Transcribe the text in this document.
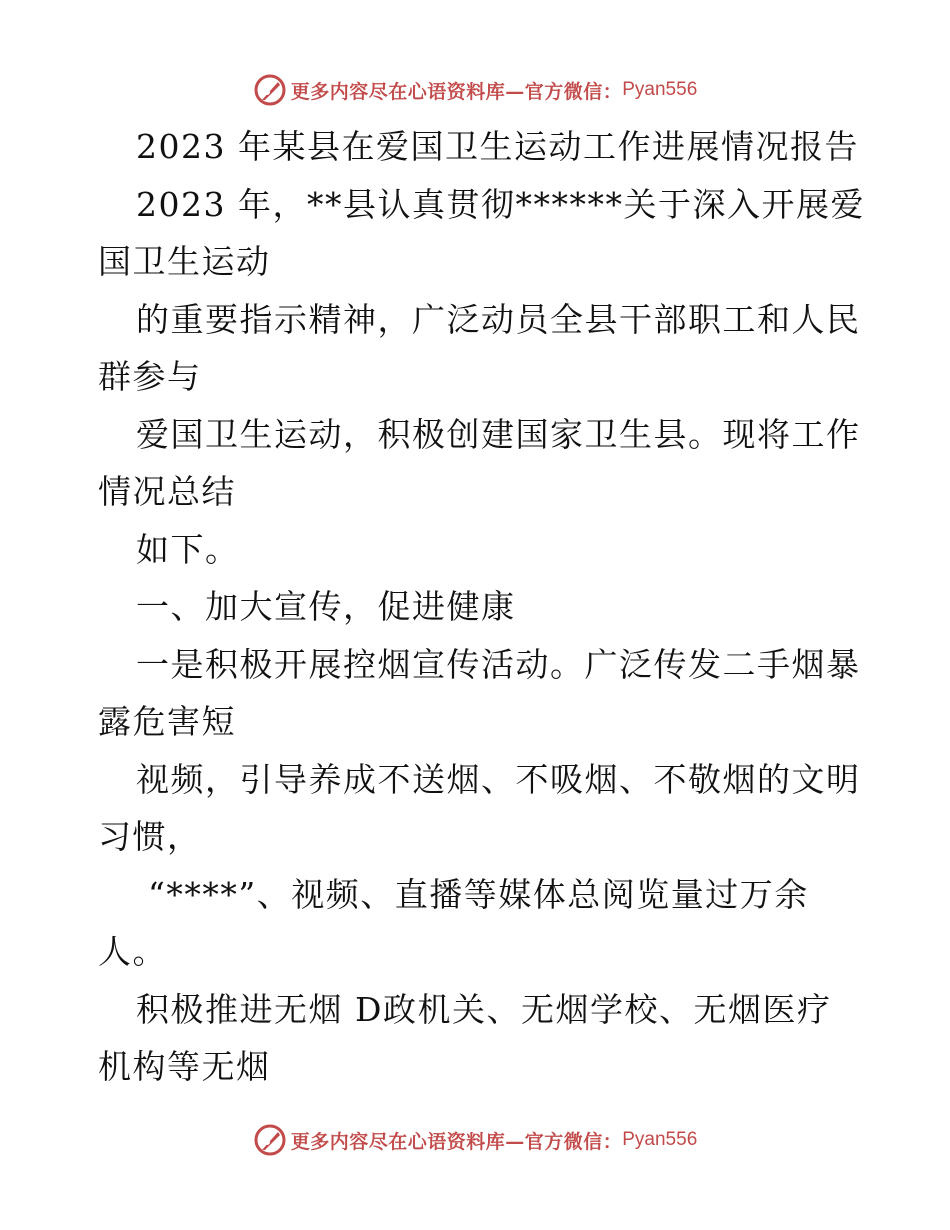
更多内容尽在心语资料库—官方微信： Pyan556
2023 年某县在爱国卫生运动工作进展情况报告
2023 年，**县认真贯彻******关于深入开展爱
国卫生运动
的重要指示精神，广泛动员全县干部职工和人民
群参与
爱国卫生运动，积极创建国家卫生县。现将工作
情况总结
如下。
一、加大宣传，促进健康
一是积极开展控烟宣传活动。广泛传发二手烟暴
露危害短
视频，引导养成不送烟、不吸烟、不敬烟的文明
习惯，
“****”、视频、直播等媒体总阅览量过万余
人。
积极推进无烟 D政机关、无烟学校、无烟医疗
机构等无烟
更多内容尽在心语资料库—官方微信： Pyan556
